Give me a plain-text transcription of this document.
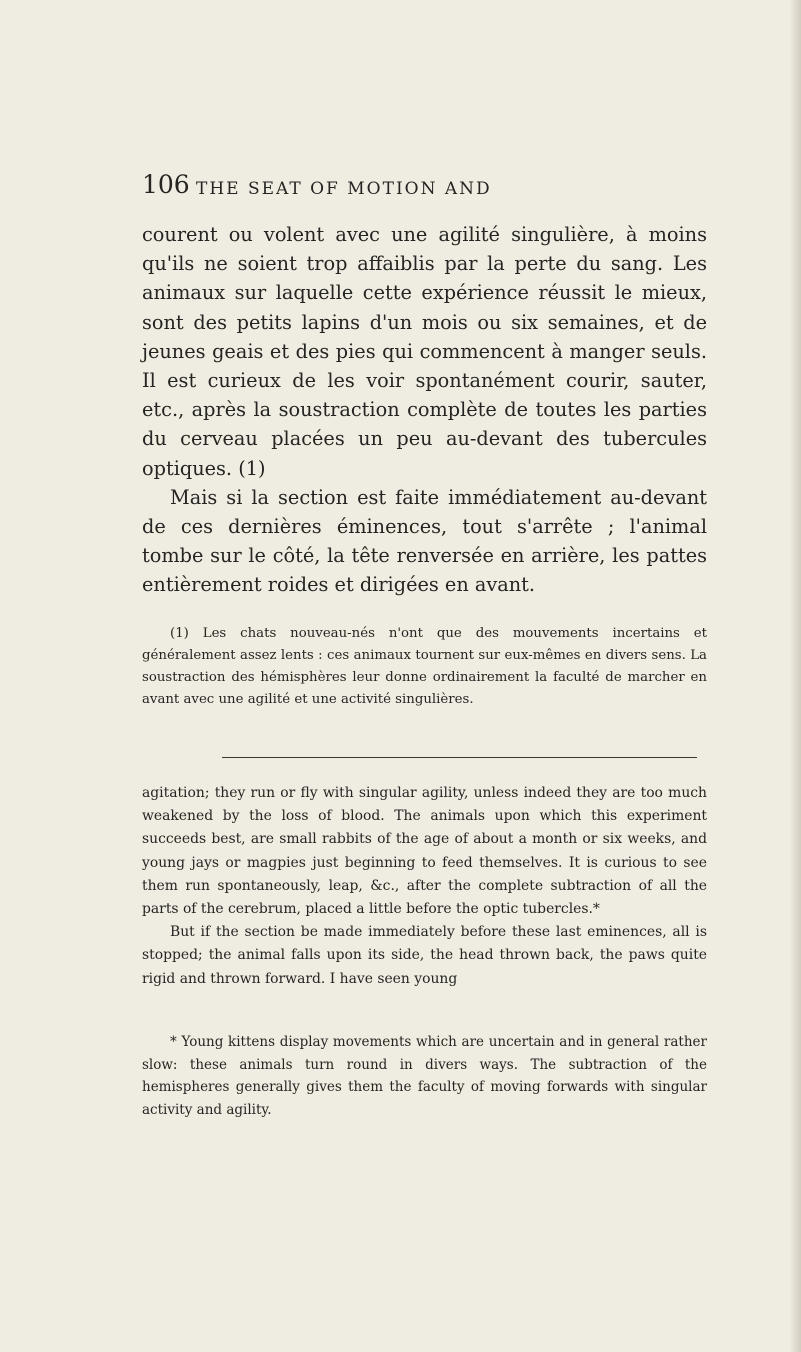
106 THE SEAT OF MOTION AND

courent ou volent avec une agilité singulière, à moins qu'ils ne soient trop affaiblis par la perte du sang. Les animaux sur laquelle cette expérience réussit le mieux, sont des petits lapins d'un mois ou six semaines, et de jeunes geais et des pies qui commencent à manger seuls. Il est curieux de les voir spontanément courir, sauter, etc., après la soustraction complète de toutes les parties du cerveau placées un peu au-devant des tubercules optiques. (1)

Mais si la section est faite immédiatement au-devant de ces dernières éminences, tout s'arrête ; l'animal tombe sur le côté, la tête renversée en arrière, les pattes entièrement roides et dirigées en avant.

(1) Les chats nouveau-nés n'ont que des mouvements incertains et généralement assez lents : ces animaux tournent sur eux-mêmes en divers sens. La soustraction des hémisphères leur donne ordinairement la faculté de marcher en avant avec une agilité et une activité singulières.

agitation; they run or fly with singular agility, unless indeed they are too much weakened by the loss of blood. The animals upon which this experiment succeeds best, are small rabbits of the age of about a month or six weeks, and young jays or magpies just beginning to feed themselves. It is curious to see them run spontaneously, leap, &c., after the complete subtraction of all the parts of the cerebrum, placed a little before the optic tubercles.*

But if the section be made immediately before these last eminences, all is stopped; the animal falls upon its side, the head thrown back, the paws quite rigid and thrown forward. I have seen young

* Young kittens display movements which are uncertain and in general rather slow: these animals turn round in divers ways. The subtraction of the hemispheres generally gives them the faculty of moving forwards with singular activity and agility.
